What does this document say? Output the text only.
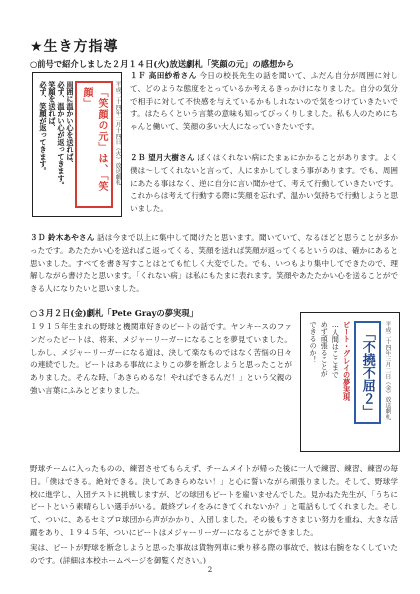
★生き方指導
○前号で紹介しました２月１４日(火)放送劇札「笑顔の元」の感想から
平成二十四年二月十四日（火）放送劇札
「笑顔の元」は、「笑顔」
周囲に温かい心を送れば、
必ず、温かい心が返ってきます。
笑顔を送れば、
必ず、笑顔が返ってきます。
１Ｆ 高田紗希さん 今日の校長先生の話を聞いて、ふだん自分が周囲に対して、どのような態度をとっているか考えるきっかけになりました。自分の気分で相手に対して不快感を与えているかもしれないので気をつけていきたいです。はたらくという言葉の意味も知ってびっくりしました。私も人のためにちゃんと働いて、笑顔の多い大人になっていきたいです。
２Ｂ 望月大樹さん ぼくはくれない病にたまぁにかかることがあります。よく僕は〜してくれないと言って、人にまかしてしまう事があります。でも、周囲にあたる事はなく、逆に自分に言い聞かせて、考えて行動していきたいです。これからは考えて行動する際に笑顔を忘れず、温かい気持ちで行動しようと思いました。
３Ｄ 鈴木あやさん 話は今まで以上に集中して聞けたと思います。聞いていて、なるほどと思うことが多かったです。あたたかい心を送ればこ返ってくる、笑顔を送れば笑顔が返ってくるというのは、確かにあると思いました。すべてを書き写すことはとても忙しく大変でした。でも、いつもより集中してできたので、理解しながら書けたと思います。「くれない病」は私にもたまに表れます。笑顔やあたたかい心を送ることができる人になりたいと思いました。
○３月２日(金)劇札「Pete Grayの夢実現」
平成二十四年三月二日（金）放送劇札
「不撓不屈２」
ピート・グレイの夢実現
…人間はここまで
めず頑張ることが
できるのか！
１９１５年生まれの野球と機関車好きのピートの話です。ヤンキースのファンだったピートは、将来、メジャーリーガーになることを夢見ていました。しかし、メジャーリーガーになる道は、決して楽なものではなく苦悩の日々の連続でした。ピートはある事故によりこの夢を断念しようと思ったことがありました。そんな時、「あきらめるな！やればできるんだ！」という父親の強い言葉にふみとどまりました。
野球チームに入ったものの、練習させてもらえず、チームメイトが帰った後に一人で練習、練習、練習の毎日。「僕はできる。絶対できる。決してあきらめない！」と心に誓いながら頑張りました。そして、野球学校に進学し、入団テストに挑戦しますが、どの球団もピートを雇いませんでした。見かねた先生が、「うちにピートという素晴らしい選手がいる。最終プレイをみにきてくれないか？」と電話もしてくれました。そして、ついに、あるセミプロ球団から声がかかり、入団しました。その後もすさまじい努力を重ね、大きな活躍をあり、１９４５年、ついにピートはメジャーリーガーになることができました。
実は、ピートが野球を断念しようと思った事故は貨物列車に乗り移る際の事故で、彼は右腕をなくしていたのです。(詳細は本校ホームページを御覧ください。)
2
